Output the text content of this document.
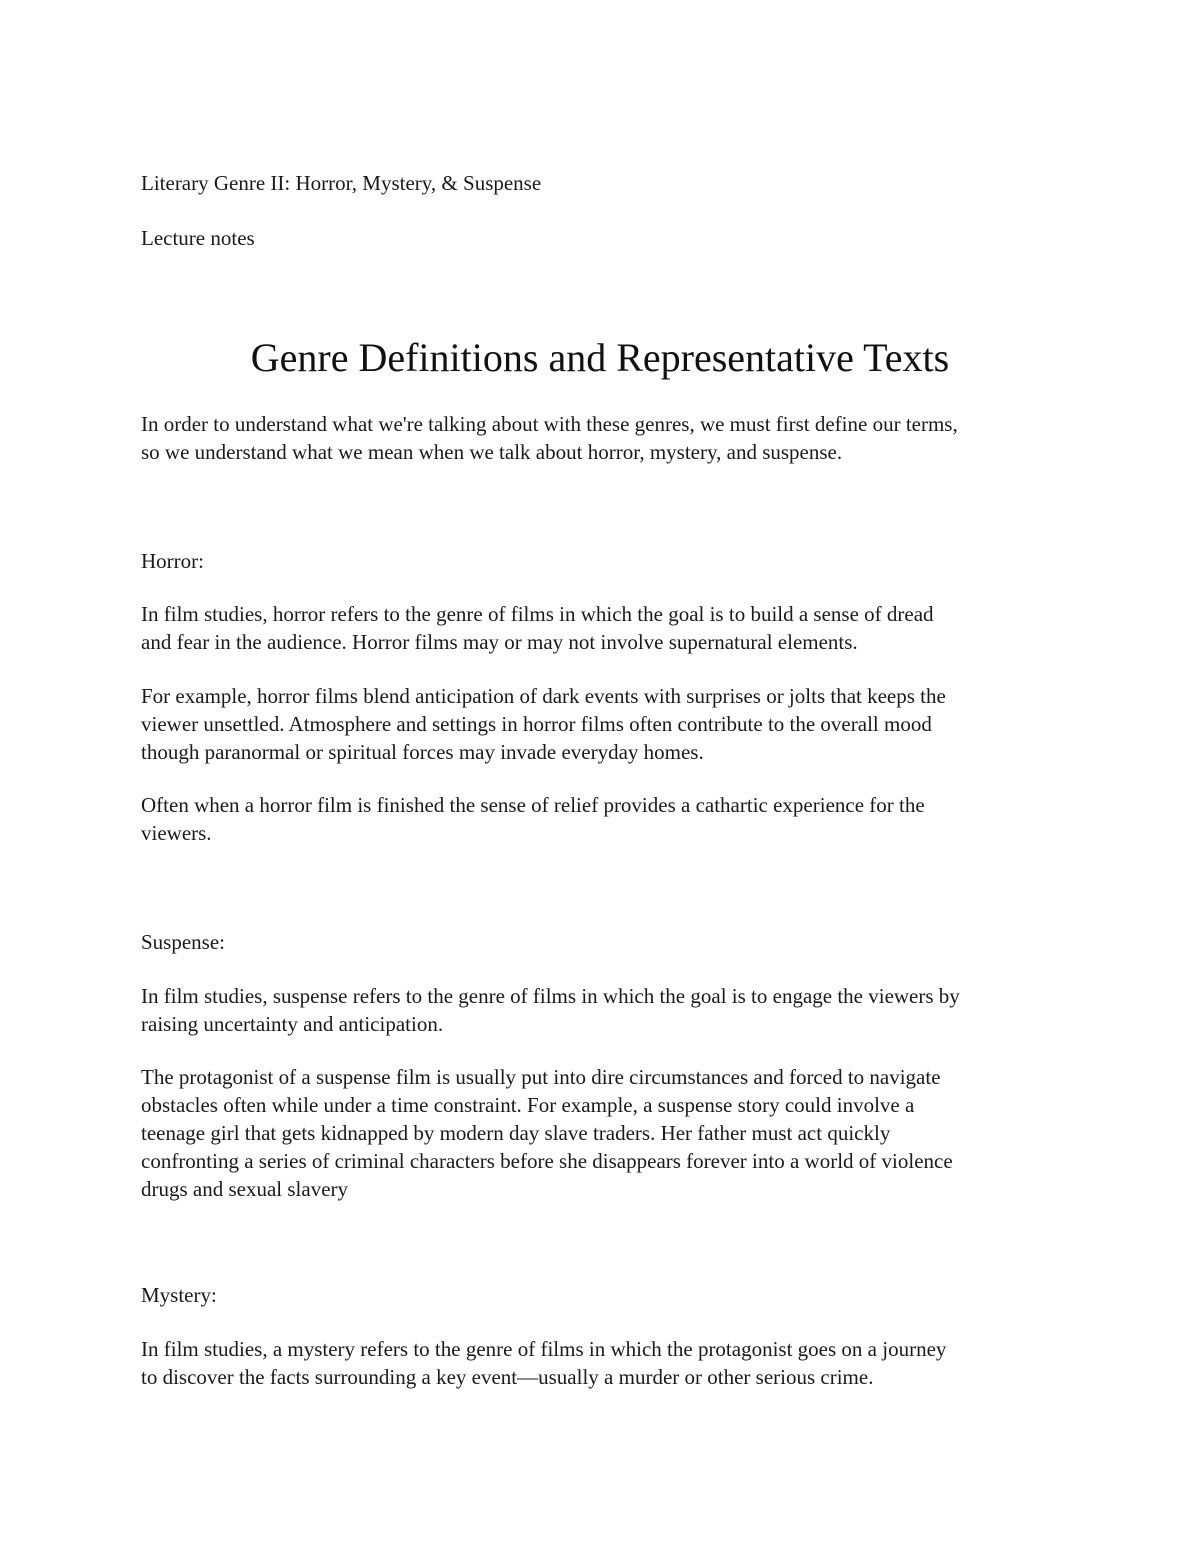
Literary Genre II: Horror, Mystery, & Suspense

Lecture notes

Genre Definitions and Representative Texts

In order to understand what we're talking about with these genres, we must first define our terms,
so we understand what we mean when we talk about horror, mystery, and suspense.

Horror:

In film studies, horror refers to the genre of films in which the goal is to build a sense of dread
and fear in the audience. Horror films may or may not involve supernatural elements.

For example, horror films blend anticipation of dark events with surprises or jolts that keeps the
viewer unsettled. Atmosphere and settings in horror films often contribute to the overall mood
though paranormal or spiritual forces may invade everyday homes.

Often when a horror film is finished the sense of relief provides a cathartic experience for the
viewers.

Suspense:

In film studies, suspense refers to the genre of films in which the goal is to engage the viewers by
raising uncertainty and anticipation.

The protagonist of a suspense film is usually put into dire circumstances and forced to navigate
obstacles often while under a time constraint. For example, a suspense story could involve a
teenage girl that gets kidnapped by modern day slave traders. Her father must act quickly
confronting a series of criminal characters before she disappears forever into a world of violence
drugs and sexual slavery

Mystery:

In film studies, a mystery refers to the genre of films in which the protagonist goes on a journey
to discover the facts surrounding a key event—usually a murder or other serious crime.
